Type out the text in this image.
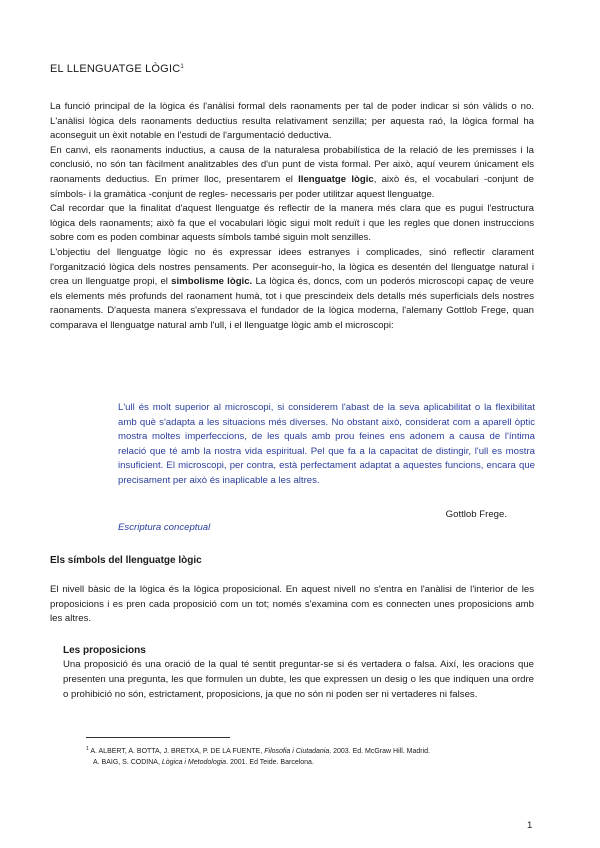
EL LLENGUATGE LÒGIC$^1$
La funció principal de la lògica és l'anàlisi formal dels raonaments per tal de poder indicar si són vàlids o no. L'anàlisi lògica dels raonaments deductius resulta relativament senzilla; per aquesta raó, la lògica formal ha aconseguit un èxit notable en l'estudi de l'argumentació deductiva.
En canvi, els raonaments inductius, a causa de la naturalesa probabilística de la relació de les premisses i la conclusió, no són tan fàcilment analitzables des d'un punt de vista formal. Per això, aquí veurem únicament els raonaments deductius. En primer lloc, presentarem el llenguatge lògic, això és, el vocabulari -conjunt de símbols- i la gramàtica -conjunt de regles- necessaris per poder utilitzar aquest llenguatge.
Cal recordar que la finalitat d'aquest llenguatge és reflectir de la manera més clara que es pugui l'estructura lògica dels raonaments; això fa que el vocabulari lògic sigui molt reduït i que les regles que donen instruccions sobre com es poden combinar aquests símbols també siguin molt senzilles.
L'objectiu del llenguatge lògic no és expressar idees estranyes i complicades, sinó reflectir clarament l'organització lògica dels nostres pensaments. Per aconseguir-ho, la lògica es desentén del llenguatge natural i crea un llenguatge propi, el simbolisme lògic. La lògica és, doncs, com un poderós microscopi capaç de veure els elements més profunds del raonament humà, tot i que prescindeix dels detalls més superficials dels nostres raonaments. D'aquesta manera s'expressava el fundador de la lògica moderna, l'alemany Gottlob Frege, quan comparava el llenguatge natural amb l'ull, i el llenguatge lògic amb el microscopi:

L'ull és molt superior al microscopi, si considerem l'abast de la seva aplicabilitat o la flexibilitat amb què s'adapta a les situacions més diverses. No obstant això, considerat com a aparell òptic mostra moltes imperfeccions, de les quals amb prou feines ens adonem a causa de l'íntima relació que té amb la nostra vida espiritual. Pel que fa a la capacitat de distingir, l'ull es mostra insuficient. El microscopi, per contra, està perfectament adaptat a aquestes funcions, encara que precisament per això és inaplicable a les altres.

Gottlob Frege.

Escriptura conceptual

Els símbols del llenguatge lògic

El nivell bàsic de la lògica és la lògica proposicional. En aquest nivell no s'entra en l'anàlisi de l'interior de les proposicions i es pren cada proposició com un tot; només s'examina com es connecten unes proposicions amb les altres.

Les proposicions

Una proposició és una oració de la qual té sentit preguntar-se si és vertadera o falsa. Així, les oracions que presenten una pregunta, les que formulen un dubte, les que expressen un desig o les que indiquen una ordre o prohibició no són, estrictament, proposicions, ja que no són ni poden ser ni vertaderes ni falses.

$^1$ A. ALBERT, A. BOTTA, J. BRETXA, P. DE LA FUENTE, Filosofia i Ciutadania. 2003. Ed. McGraw Hill. Madrid.
A. BAIG, S. CODINA, Lògica i Metodologia. 2001. Ed Teide. Barcelona.

1
